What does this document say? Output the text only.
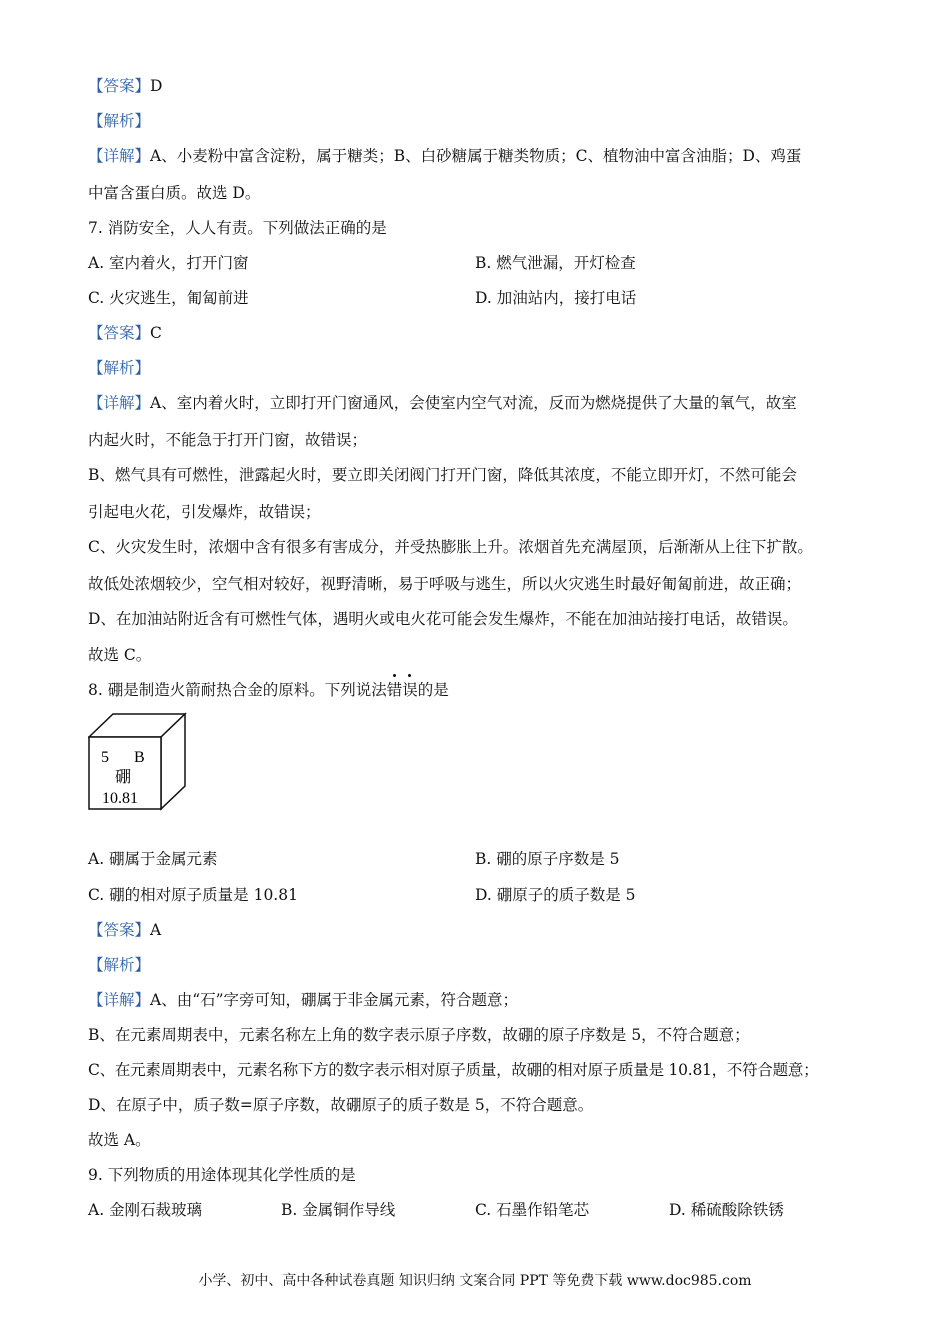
【答案】D
【解析】
【详解】A、小麦粉中富含淀粉，属于糖类；B、白砂糖属于糖类物质；C、植物油中富含油脂；D、鸡蛋
中富含蛋白质。故选 D。
7. 消防安全，人人有责。下列做法正确的是
A. 室内着火，打开门窗	B. 燃气泄漏，开灯检查
C. 火灾逃生，匍匐前进	D. 加油站内，接打电话
【答案】C
【解析】
【详解】A、室内着火时，立即打开门窗通风，会使室内空气对流，反而为燃烧提供了大量的氧气，故室
内起火时，不能急于打开门窗，故错误；
B、燃气具有可燃性，泄露起火时，要立即关闭阀门打开门窗，降低其浓度，不能立即开灯，不然可能会
引起电火花，引发爆炸，故错误；
C、火灾发生时，浓烟中含有很多有害成分，并受热膨胀上升。浓烟首先充满屋顶，后渐渐从上往下扩散。
故低处浓烟较少，空气相对较好，视野清晰，易于呼吸与逃生，所以火灾逃生时最好匍匐前进，故正确；
D、在加油站附近含有可燃性气体，遇明火或电火花可能会发生爆炸，不能在加油站接打电话，故错误。
故选 C。
8. 硼是制造火箭耐热合金的原料。下列说法错误的是
5 B
硼
10.81
A. 硼属于金属元素	B. 硼的原子序数是 5
C. 硼的相对原子质量是 10.81	D. 硼原子的质子数是 5
【答案】A
【解析】
【详解】A、由“石”字旁可知，硼属于非金属元素，符合题意；
B、在元素周期表中，元素名称左上角的数字表示原子序数，故硼的原子序数是 5，不符合题意；
C、在元素周期表中，元素名称下方的数字表示相对原子质量，故硼的相对原子质量是 10.81，不符合题意；
D、在原子中，质子数=原子序数，故硼原子的质子数是 5，不符合题意。
故选 A。
9. 下列物质的用途体现其化学性质的是
A. 金刚石裁玻璃	B. 金属铜作导线	C. 石墨作铅笔芯	D. 稀硫酸除铁锈
小学、初中、高中各种试卷真题 知识归纳 文案合同 PPT 等免费下载 www.doc985.com
